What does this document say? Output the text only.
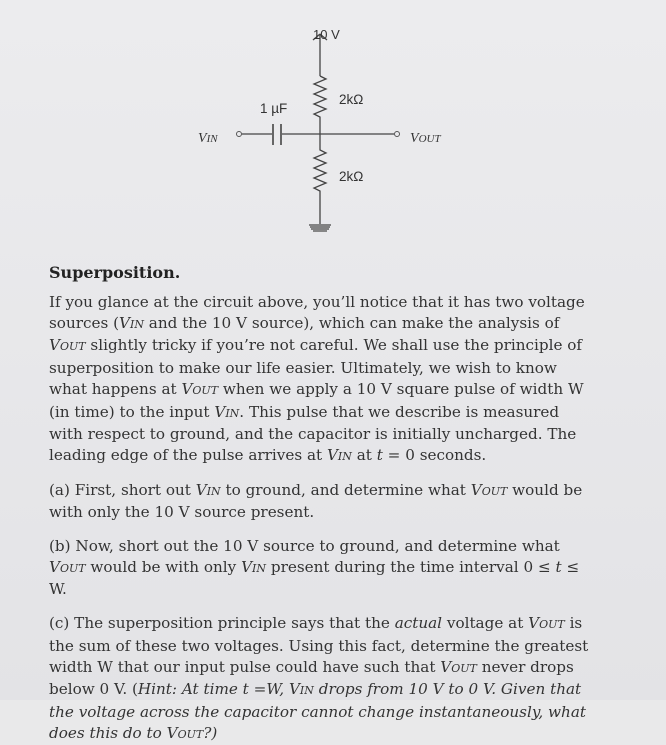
10 V
2kΩ
1 µF
VIN	VOUT
2kΩ
Superposition.

If you glance at the circuit above, you’ll notice that it has two voltage sources (VIN and the 10 V source), which can make the analysis of VOUT slightly tricky if you’re not careful. We shall use the principle of superposition to make our life easier. Ultimately, we wish to know what happens at VOUT when we apply a 10 V square pulse of width W (in time) to the input VIN. This pulse that we describe is measured with respect to ground, and the capacitor is initially uncharged. The leading edge of the pulse arrives at VIN at t = 0 seconds.

(a) First, short out VIN to ground, and determine what VOUT would be with only the 10 V source present.

(b) Now, short out the 10 V source to ground, and determine what VOUT would be with only VIN present during the time interval 0 ≤ t ≤ W.

(c) The superposition principle says that the actual voltage at VOUT is the sum of these two voltages. Using this fact, determine the greatest width W that our input pulse could have such that VOUT never drops below 0 V. (Hint: At time t =W, VIN drops from 10 V to 0 V. Given that the voltage across the capacitor cannot change instantaneously, what does this do to VOUT?)
